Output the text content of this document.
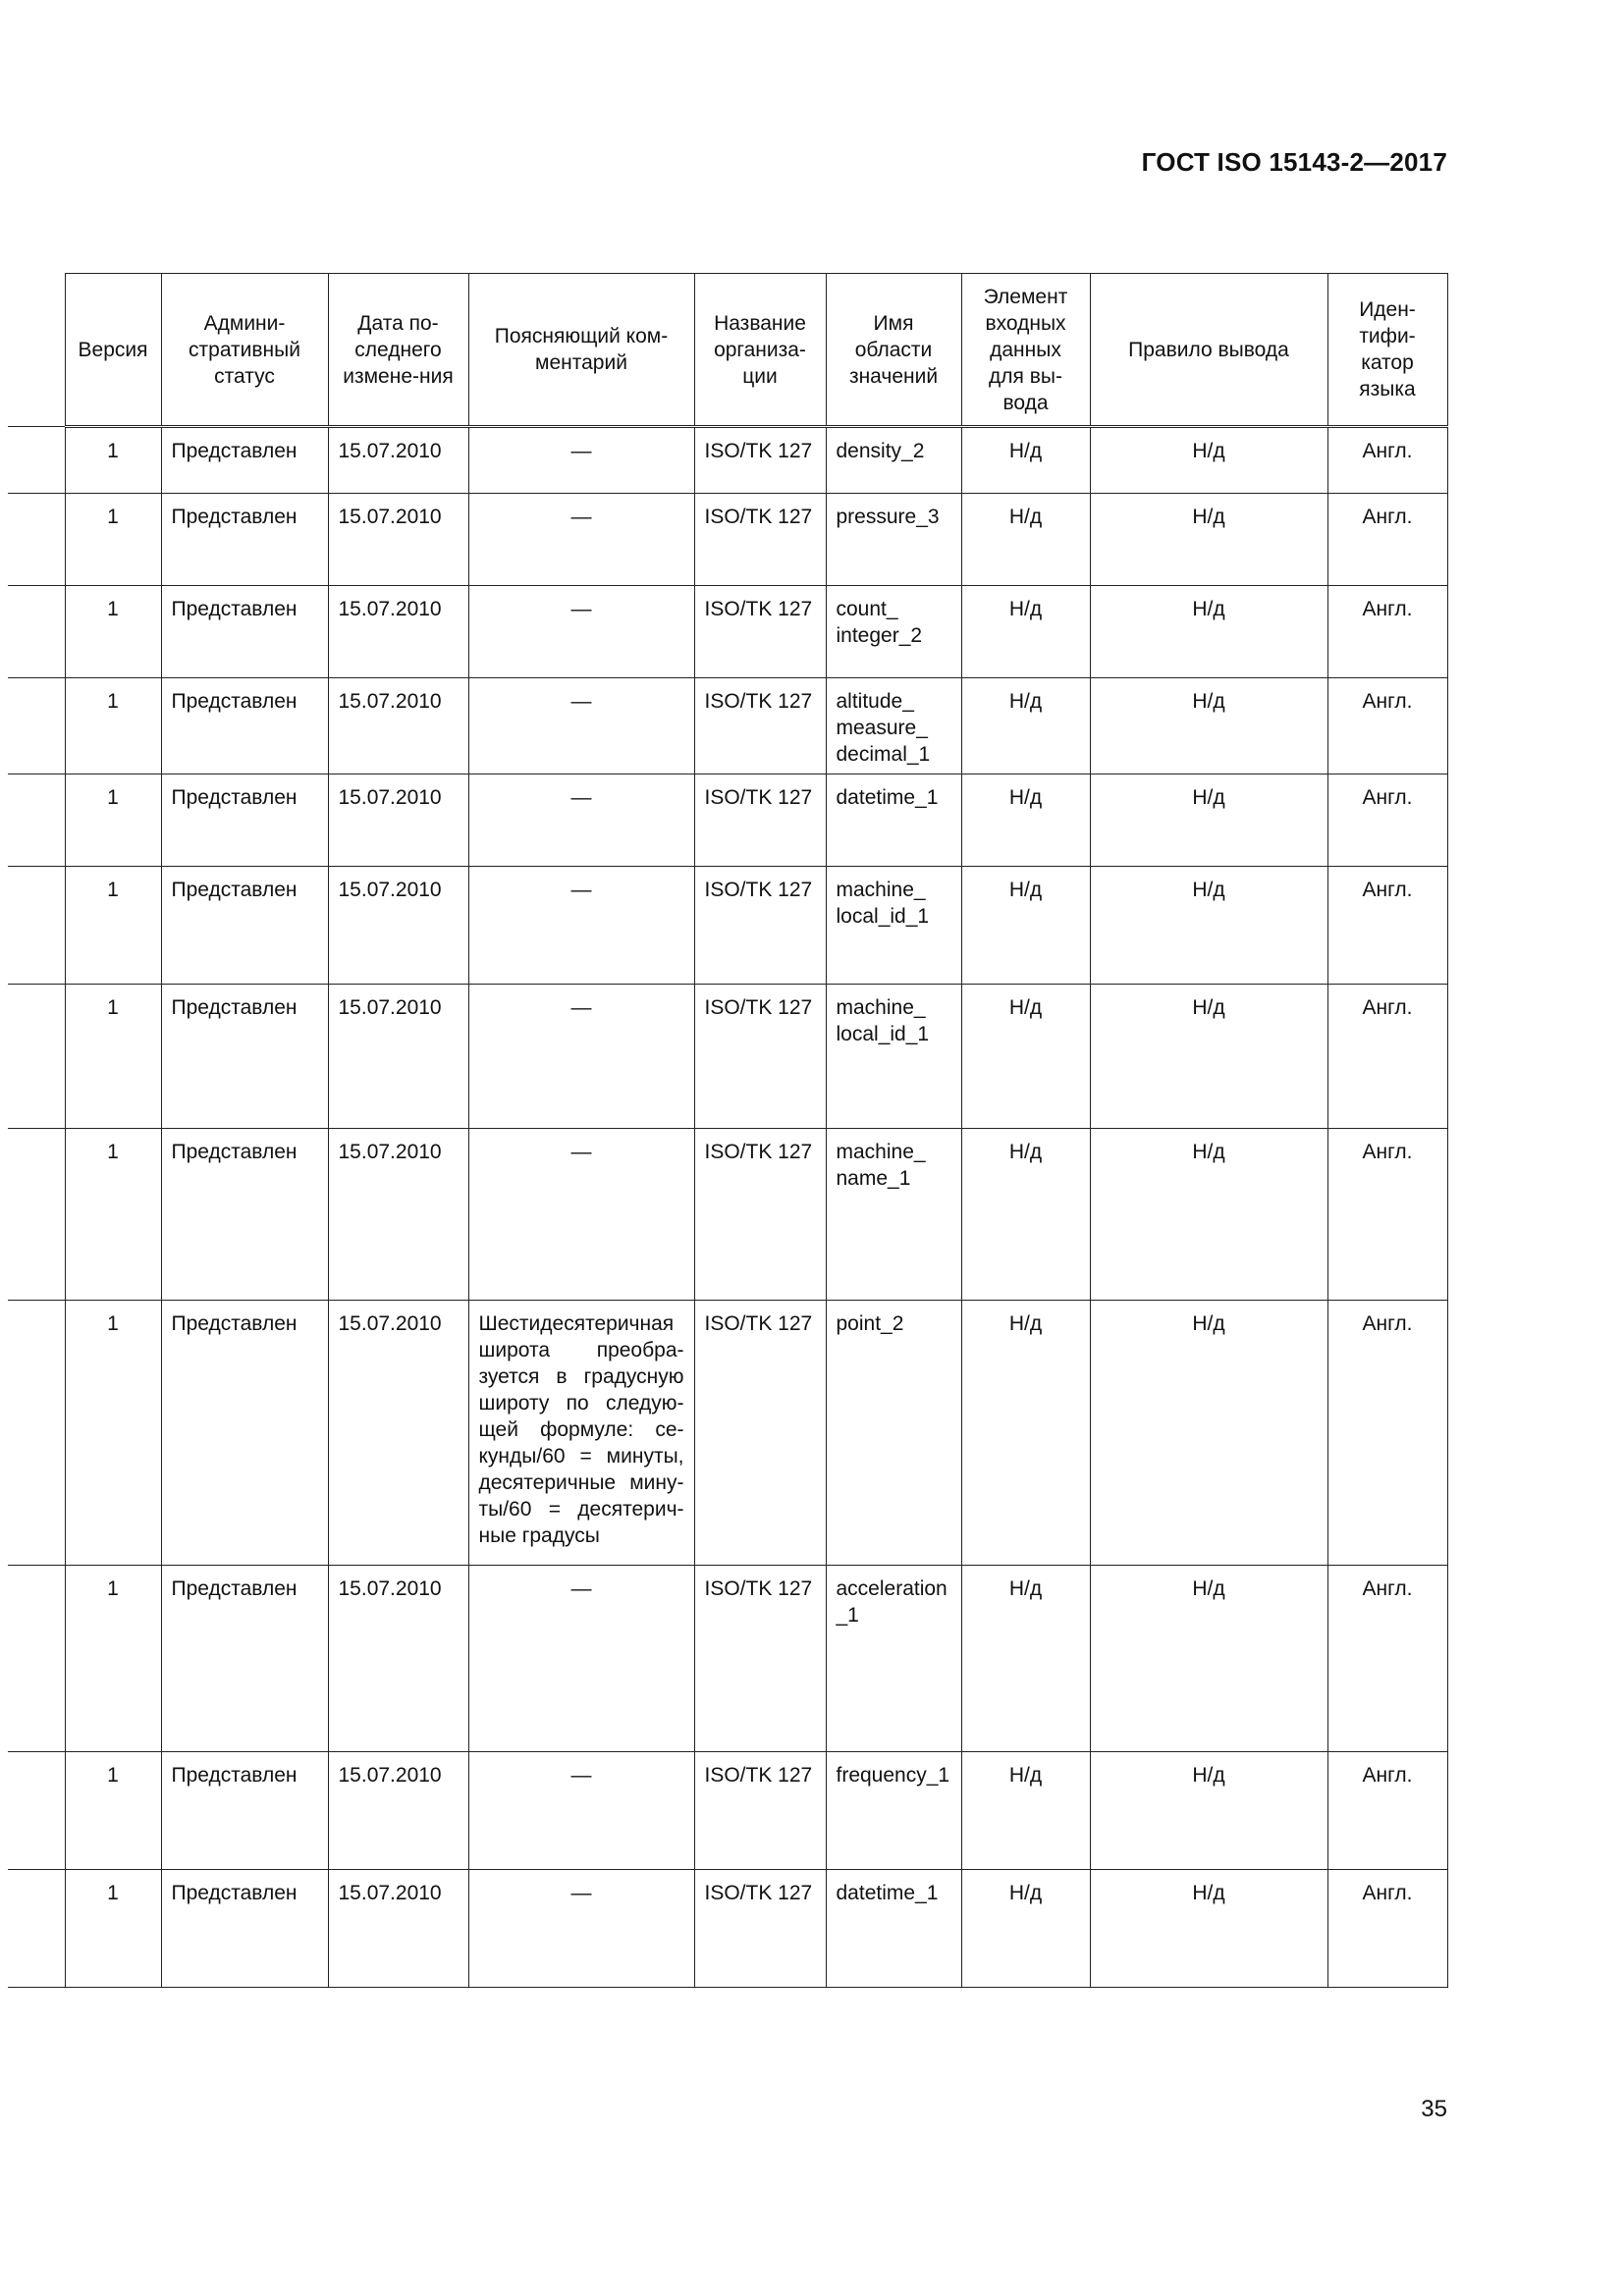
ГОСТ ISO 15143-2—2017
	Версия	Админи-стративный статус	Дата по-следнего измене-ния	Поясняющий ком-ментарий	Название организа-ции	Имя области значений	Элемент входных данных для вы-вода	Правило вывода	Иден-тифи-катор языка
	1	Представлен	15.07.2010	—	ISO/TK 127	density_2	Н/д	Н/д	Англ.
	1	Представлен	15.07.2010	—	ISO/TK 127	pressure_3	Н/д	Н/д	Англ.
	1	Представлен	15.07.2010	—	ISO/TK 127	count_ integer_2	Н/д	Н/д	Англ.
	1	Представлен	15.07.2010	—	ISO/TK 127	altitude_ measure_ decimal_1	Н/д	Н/д	Англ.
	1	Представлен	15.07.2010	—	ISO/TK 127	datetime_1	Н/д	Н/д	Англ.
	1	Представлен	15.07.2010	—	ISO/TK 127	machine_ local_id_1	Н/д	Н/д	Англ.
	1	Представлен	15.07.2010	—	ISO/TK 127	machine_ local_id_1	Н/д	Н/д	Англ.
	1	Представлен	15.07.2010	—	ISO/TK 127	machine_ name_1	Н/д	Н/д	Англ.
	1	Представлен	15.07.2010	Шестидесятеричная широта преобра-зуется в градусную широту по следую-щей формуле: се-кунды/60 = минуты, десятеричные мину-ты/60 = десятерич-ные градусы	ISO/TK 127	point_2	Н/д	Н/д	Англ.
	1	Представлен	15.07.2010	—	ISO/TK 127	acceleration _1	Н/д	Н/д	Англ.
	1	Представлен	15.07.2010	—	ISO/TK 127	frequency_1	Н/д	Н/д	Англ.
	1	Представлен	15.07.2010	—	ISO/TK 127	datetime_1	Н/д	Н/д	Англ.
35
